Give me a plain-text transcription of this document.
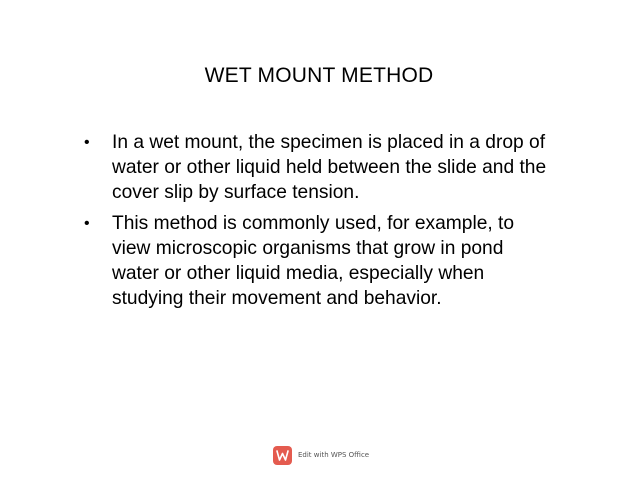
WET MOUNT METHOD
•	In a wet mount, the specimen is placed in a drop of water or other liquid held between the slide and the cover slip by surface tension.
•	This method is commonly used, for example, to view microscopic organisms that grow in pond water or other liquid media, especially when studying their movement and behavior.
Edit with WPS Office
